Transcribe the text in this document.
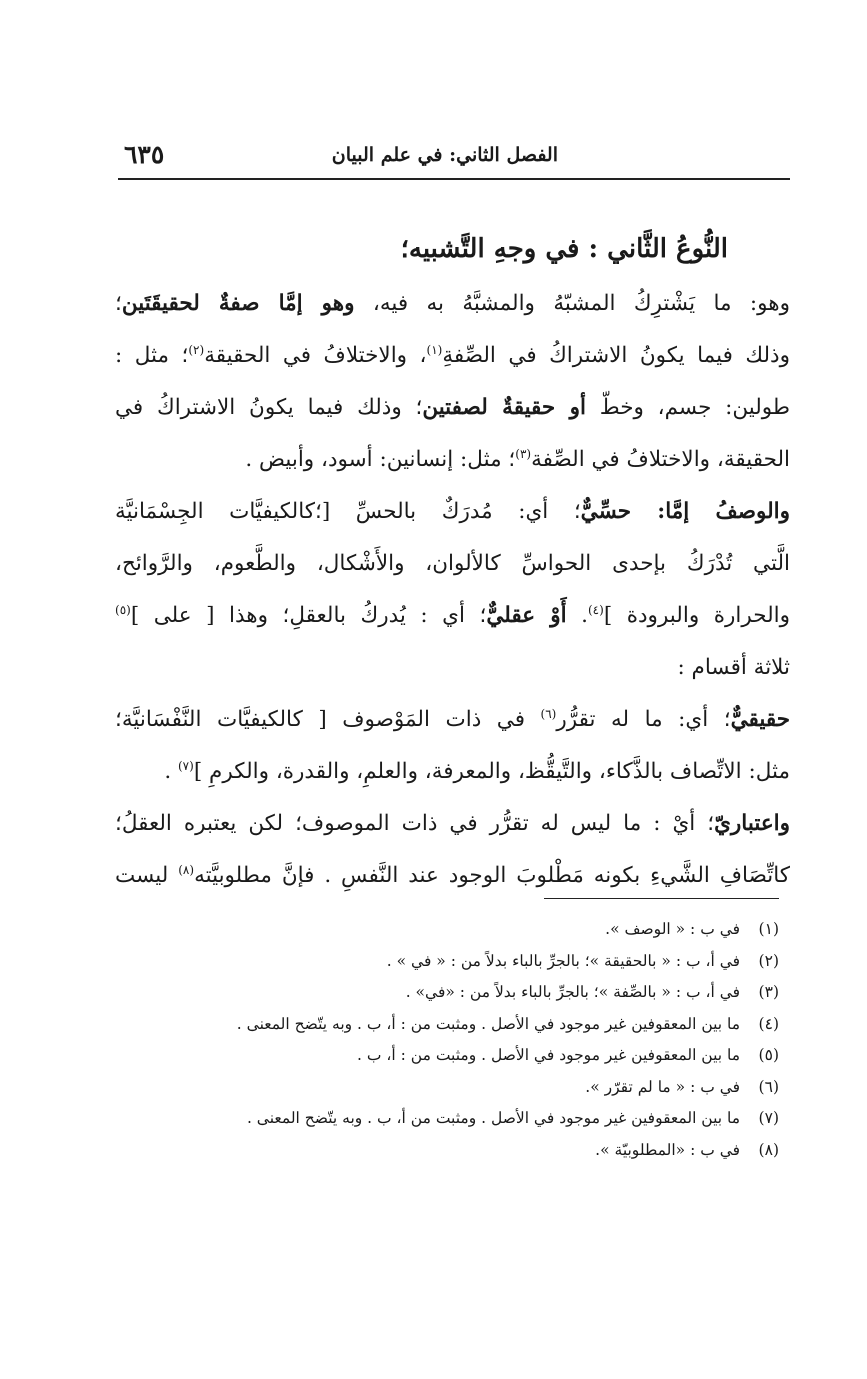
الفصل الثاني: في علم البيان
٦٣٥
النُّوعُ الثَّاني : في وجهِ التَّشبيه؛
وهو: ما يَشْترِكُ المشبّهُ والمشبَّهُ به فيه، وهو إمَّا صفةٌ لحقيقَتَين؛
وذلك فيما يكونُ الاشتراكُ في الصِّفةِ$^{(١)}$، والاختلافُ في الحقيقة$^{(٢)}$؛ مثل :
طولين: جسم، وخطّ أو حقيقةٌ لصفتين؛ وذلك فيما يكونُ الاشتراكُ في
الحقيقة، والاختلافُ في الصِّفة$^{(٣)}$؛ مثل: إنسانين: أسود، وأبيض .
والوصفُ إمَّا: حسِّيٌّ؛ أي: مُدرَكٌ بالحسِّ [؛كالكيفيَّات الجِسْمَانيَّة
الَّتي تُدْرَكُ بإحدى الحواسِّ كالألوان، والأَشْكال، والطَّعوم، والرَّوائح،
والحرارة والبرودة ]$^{(٤)}$. أَوْ عقليٌّ؛ أي : يُدركُ بالعقلِ؛ وهذا [ على ]$^{(٥)}$
ثلاثة أقسام :
حقيقيٌّ؛ أي: ما له تقرُّر$^{(٦)}$ في ذات المَوْصوف [ كالكيفيَّات النَّفْسَانيَّة؛
مثل: الاتِّصاف بالذَّكاء، والتَّيقُّظ، والمعرفة، والعلمِ، والقدرة، والكرمِ ]$^{(٧)}$ .
واعتباريّ؛ أيْ : ما ليس له تقرُّر في ذات الموصوف؛ لكن يعتبره العقلُ؛
كاتِّصَافِ الشَّيءِ بكونه مَطْلوبَ الوجود عند النَّفسِ . فإنَّ مطلوبيَّته$^{(٨)}$ ليست
(١) في ب : « الوصف ».
(٢) في أ، ب : « بالحقيقة »؛ بالجرِّ بالباء بدلاً من : « في » .
(٣) في أ، ب : « بالصِّفة »؛ بالجرِّ بالباء بدلاً من : «في» .
(٤) ما بين المعقوفين غير موجود في الأصل . ومثبت من : أ، ب . وبه يتّضح المعنى .
(٥) ما بين المعقوفين غير موجود في الأصل . ومثبت من : أ، ب .
(٦) في ب : « ما لم تقرّر ».
(٧) ما بين المعقوفين غير موجود في الأصل . ومثبت من أ، ب . وبه يتّضح المعنى .
(٨) في ب : «المطلوبيّة ».
